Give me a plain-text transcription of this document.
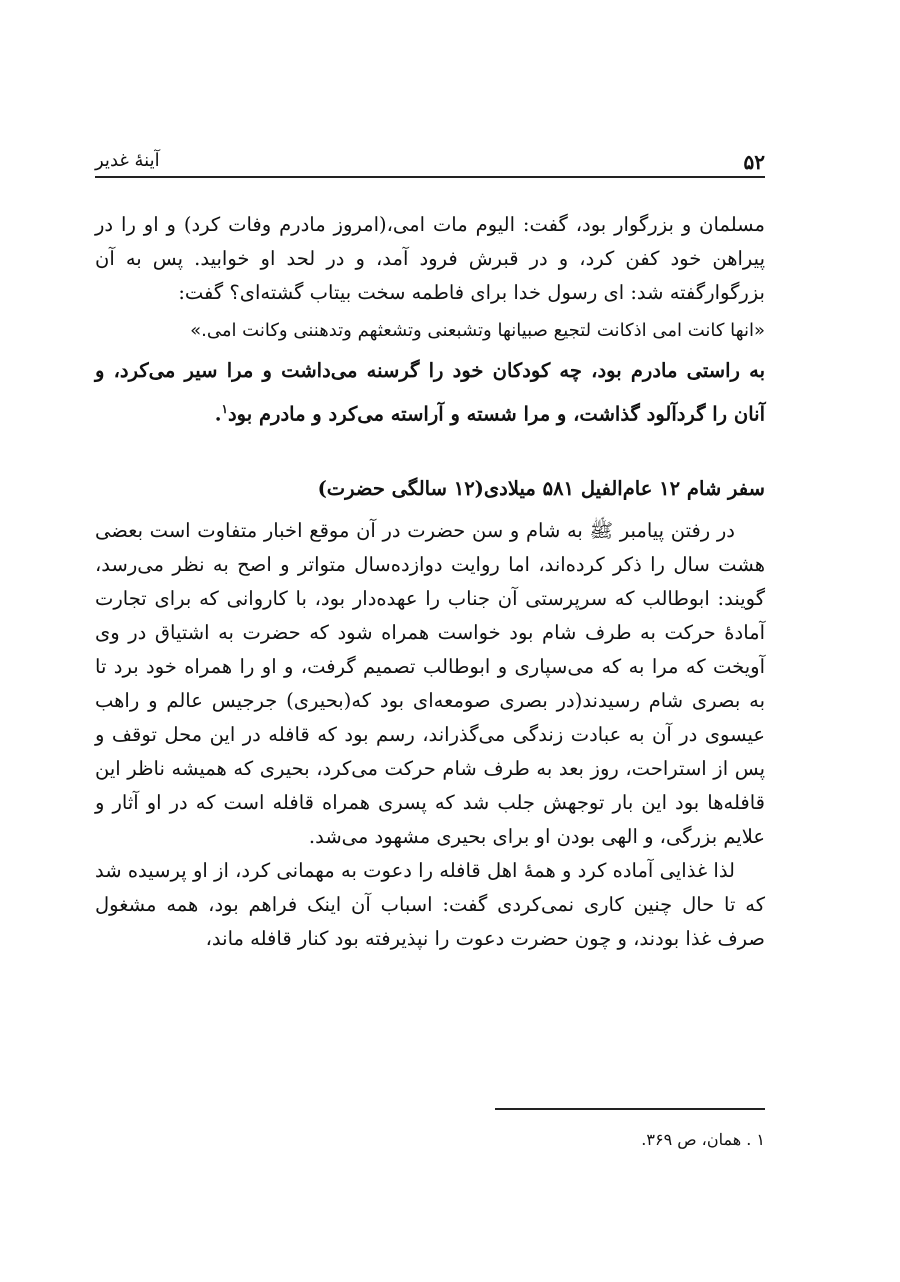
۵۲
آینهٔ غدیر

مسلمان و بزرگوار بود، گفت: الیوم مات امی،(امروز مادرم وفات کرد) و او را در پیراهن خود کفن کرد، و در قبرش فرود آمد، و در لحد او خوابید. پس به آن بزرگوارگفته شد: ای رسول خدا برای فاطمه سخت بیتاب گشته‌ای؟ گفت:

«انها کانت امی اذکانت لتجیع صبیانها وتشبعنی وتشعثهم وتدهننی وکانت امی.»

به راستی مادرم بود، چه کودکان خود را گرسنه می‌داشت و مرا سیر می‌کرد، و آنان را گردآلود گذاشت، و مرا شسته و آراسته می‌کرد و مادرم بود$^۱$.

سفر شام ۱۲ عام‌الفیل ۵۸۱ میلادی(۱۲ سالگی حضرت)

در رفتن پیامبر ﷺ به شام و سن حضرت در آن موقع اخبار متفاوت است بعضی هشت سال را ذکر کرده‌اند، اما روایت دوازده‌سال متواتر و اصح به نظر می‌رسد، گویند: ابوطالب که سرپرستی آن جناب را عهده‌دار بود، با کاروانی که برای تجارت آمادهٔ حرکت به طرف شام بود خواست همراه شود که حضرت به اشتیاق در وی آویخت که مرا به که می‌سپاری و ابوطالب تصمیم گرفت، و او را همراه خود برد تا به بصری شام رسیدند(در بصری صومعه‌ای بود که(بحیری) جرجیس عالم و راهب عیسوی در آن به عبادت زندگی می‌گذراند، رسم بود که قافله در این محل توقف و پس از استراحت، روز بعد به طرف شام حرکت می‌کرد، بحیری که همیشه ناظر این قافله‌ها بود این بار توجهش جلب شد که پسری همراه قافله است که در او آثار و علایم بزرگی، و الهی بودن او برای بحیری مشهود می‌شد.

لذا غذایی آماده کرد و همهٔ اهل قافله را دعوت به مهمانی کرد، از او پرسیده شد که تا حال چنین کاری نمی‌کردی گفت: اسباب آن اینک فراهم بود، همه مشغول صرف غذا بودند، و چون حضرت دعوت را نپذیرفته بود کنار قافله ماند،

۱ . همان، ص ۳۶۹.
